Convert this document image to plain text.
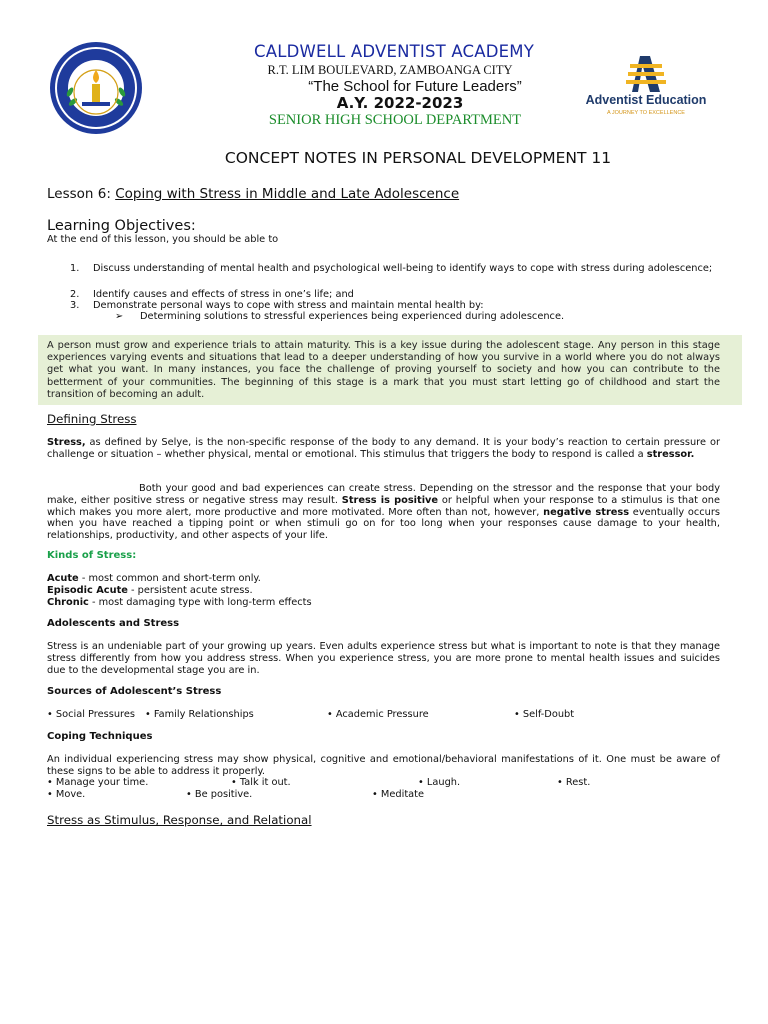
Adventist Education
A JOURNEY TO EXCELLENCE
CALDWELL ADVENTIST ACADEMY
R.T. LIM BOULEVARD, ZAMBOANGA CITY
“The School for Future Leaders”
A.Y. 2022-2023
SENIOR HIGH SCHOOL DEPARTMENT
CONCEPT NOTES IN PERSONAL DEVELOPMENT 11
Lesson 6: Coping with Stress in Middle and Late Adolescence
Learning Objectives:
At the end of this lesson, you should be able to
1. Discuss understanding of mental health and psychological well-being to identify ways to cope with stress during adolescence;
2. Identify causes and effects of stress in one’s life; and
3. Demonstrate personal ways to cope with stress and maintain mental health by:
➢ Determining solutions to stressful experiences being experienced during adolescence.
A person must grow and experience trials to attain maturity. This is a key issue during the adolescent stage. Any person in this stage experiences varying events and situations that lead to a deeper understanding of how you survive in a world where you do not always get what you want. In many instances, you face the challenge of proving yourself to society and how you can contribute to the betterment of your communities. The beginning of this stage is a mark that you must start letting go of childhood and start the transition of becoming an adult.
Defining Stress
Stress, as defined by Selye, is the non-specific response of the body to any demand. It is your body’s reaction to certain pressure or challenge or situation – whether physical, mental or emotional. This stimulus that triggers the body to respond is called a stressor.
Both your good and bad experiences can create stress. Depending on the stressor and the response that your body make, either positive stress or negative stress may result. Stress is positive or helpful when your response to a stimulus is that one which makes you more alert, more productive and more motivated. More often than not, however, negative stress eventually occurs when you have reached a tipping point or when stimuli go on for too long when your responses cause damage to your health, relationships, productivity, and other aspects of your life.
Kinds of Stress:
Acute - most common and short-term only.
Episodic Acute - persistent acute stress.
Chronic - most damaging type with long-term effects
Adolescents and Stress
Stress is an undeniable part of your growing up years. Even adults experience stress but what is important to note is that they manage stress differently from how you address stress. When you experience stress, you are more prone to mental health issues and suicides due to the developmental stage you are in.
Sources of Adolescent’s Stress
• Social Pressures • Family Relationships	• Academic Pressure	• Self-Doubt
Coping Techniques
An individual experiencing stress may show physical, cognitive and emotional/behavioral manifestations of it. One must be aware of these signs to be able to address it properly.
• Manage your time.	• Talk it out.	• Laugh.	• Rest.
• Move.	• Be positive.	• Meditate
Stress as Stimulus, Response, and Relational
